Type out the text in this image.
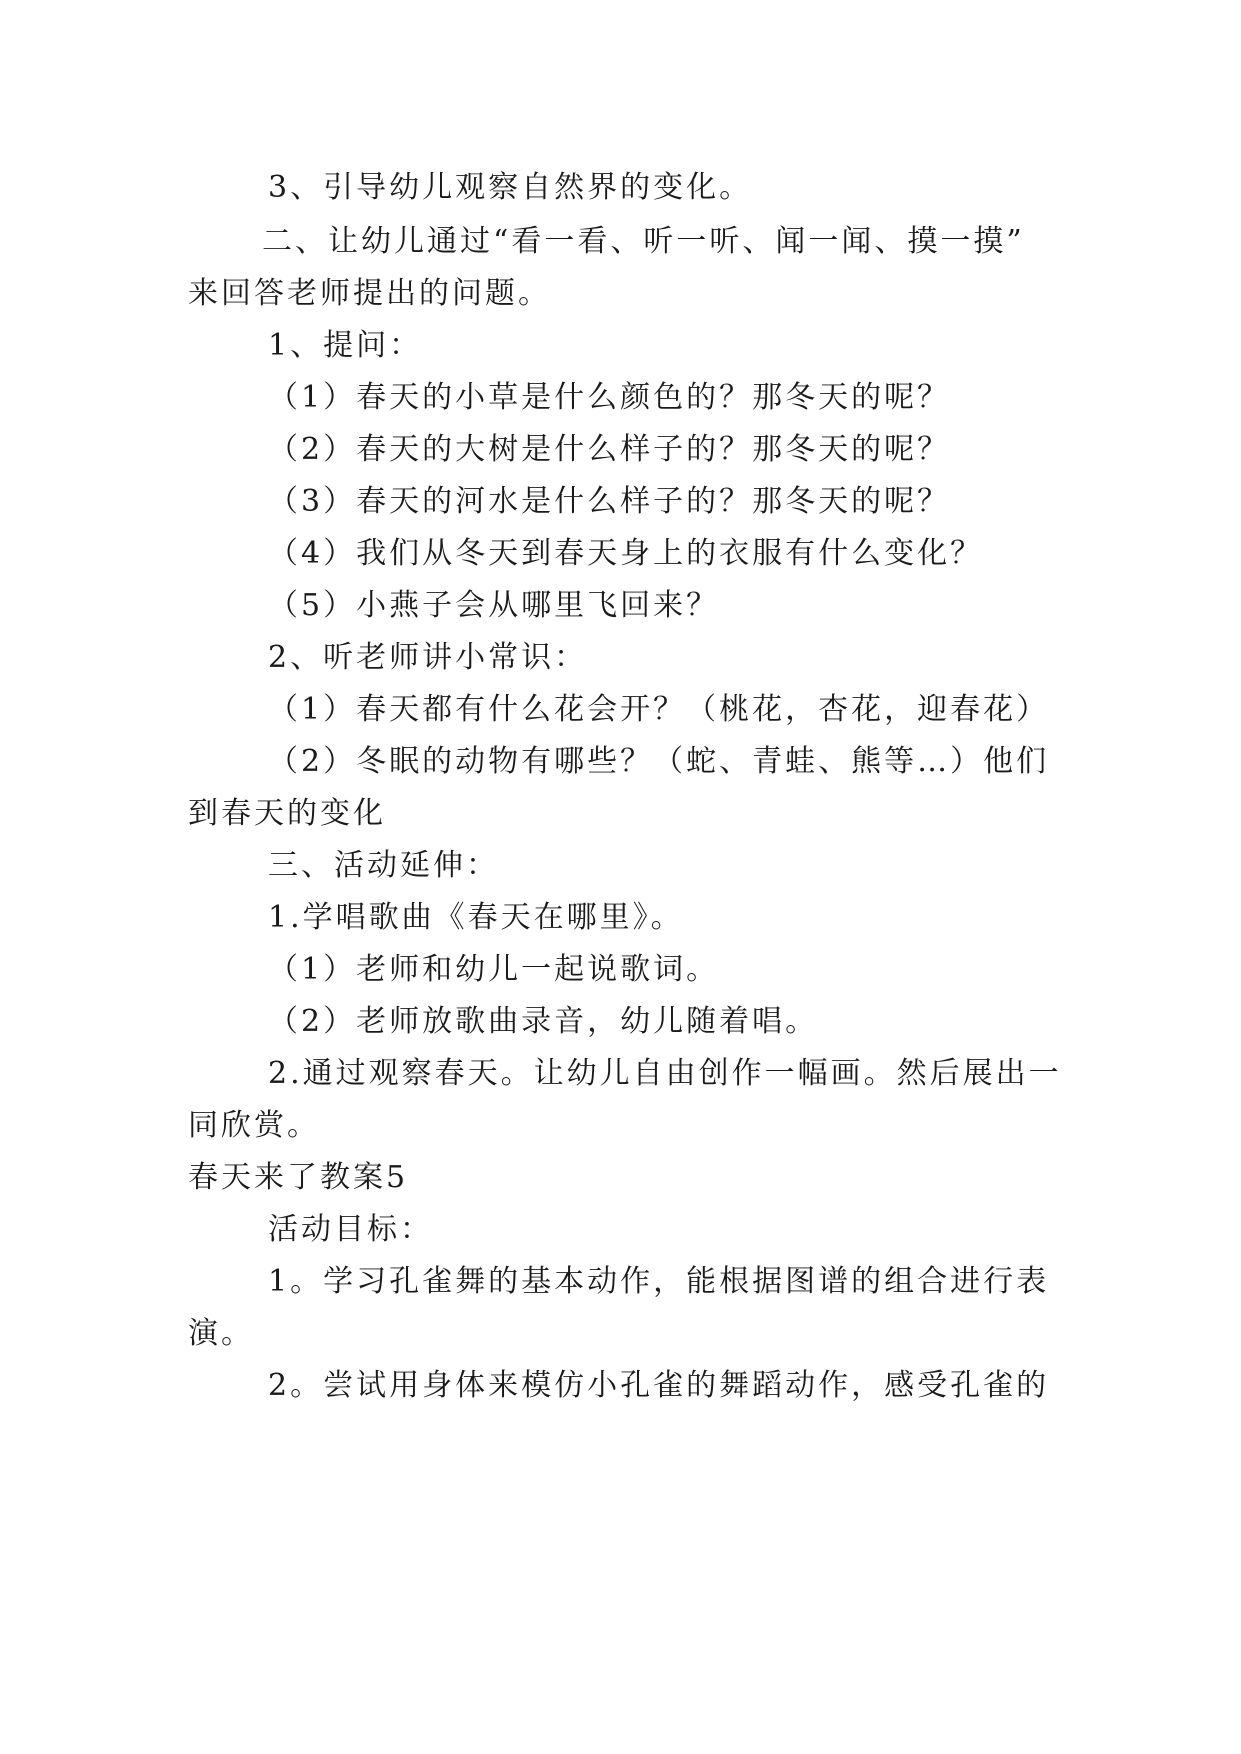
3、引导幼儿观察自然界的变化。
二、让幼儿通过“看一看、听一听、闻一闻、摸一摸”
来回答老师提出的问题。
1、提问：
（1）春天的小草是什么颜色的？那冬天的呢？
（2）春天的大树是什么样子的？那冬天的呢？
（3）春天的河水是什么样子的？那冬天的呢？
（4）我们从冬天到春天身上的衣服有什么变化？
（5）小燕子会从哪里飞回来？
2、听老师讲小常识：
（1）春天都有什么花会开？（桃花，杏花，迎春花）
（2）冬眠的动物有哪些？（蛇、青蛙、熊等…）他们
到春天的变化
三、活动延伸：
1.学唱歌曲《春天在哪里》。
（1）老师和幼儿一起说歌词。
（2）老师放歌曲录音，幼儿随着唱。
2.通过观察春天。让幼儿自由创作一幅画。然后展出一
同欣赏。
春天来了教案5
活动目标：
1。学习孔雀舞的基本动作，能根据图谱的组合进行表
演。
2。尝试用身体来模仿小孔雀的舞蹈动作，感受孔雀的
